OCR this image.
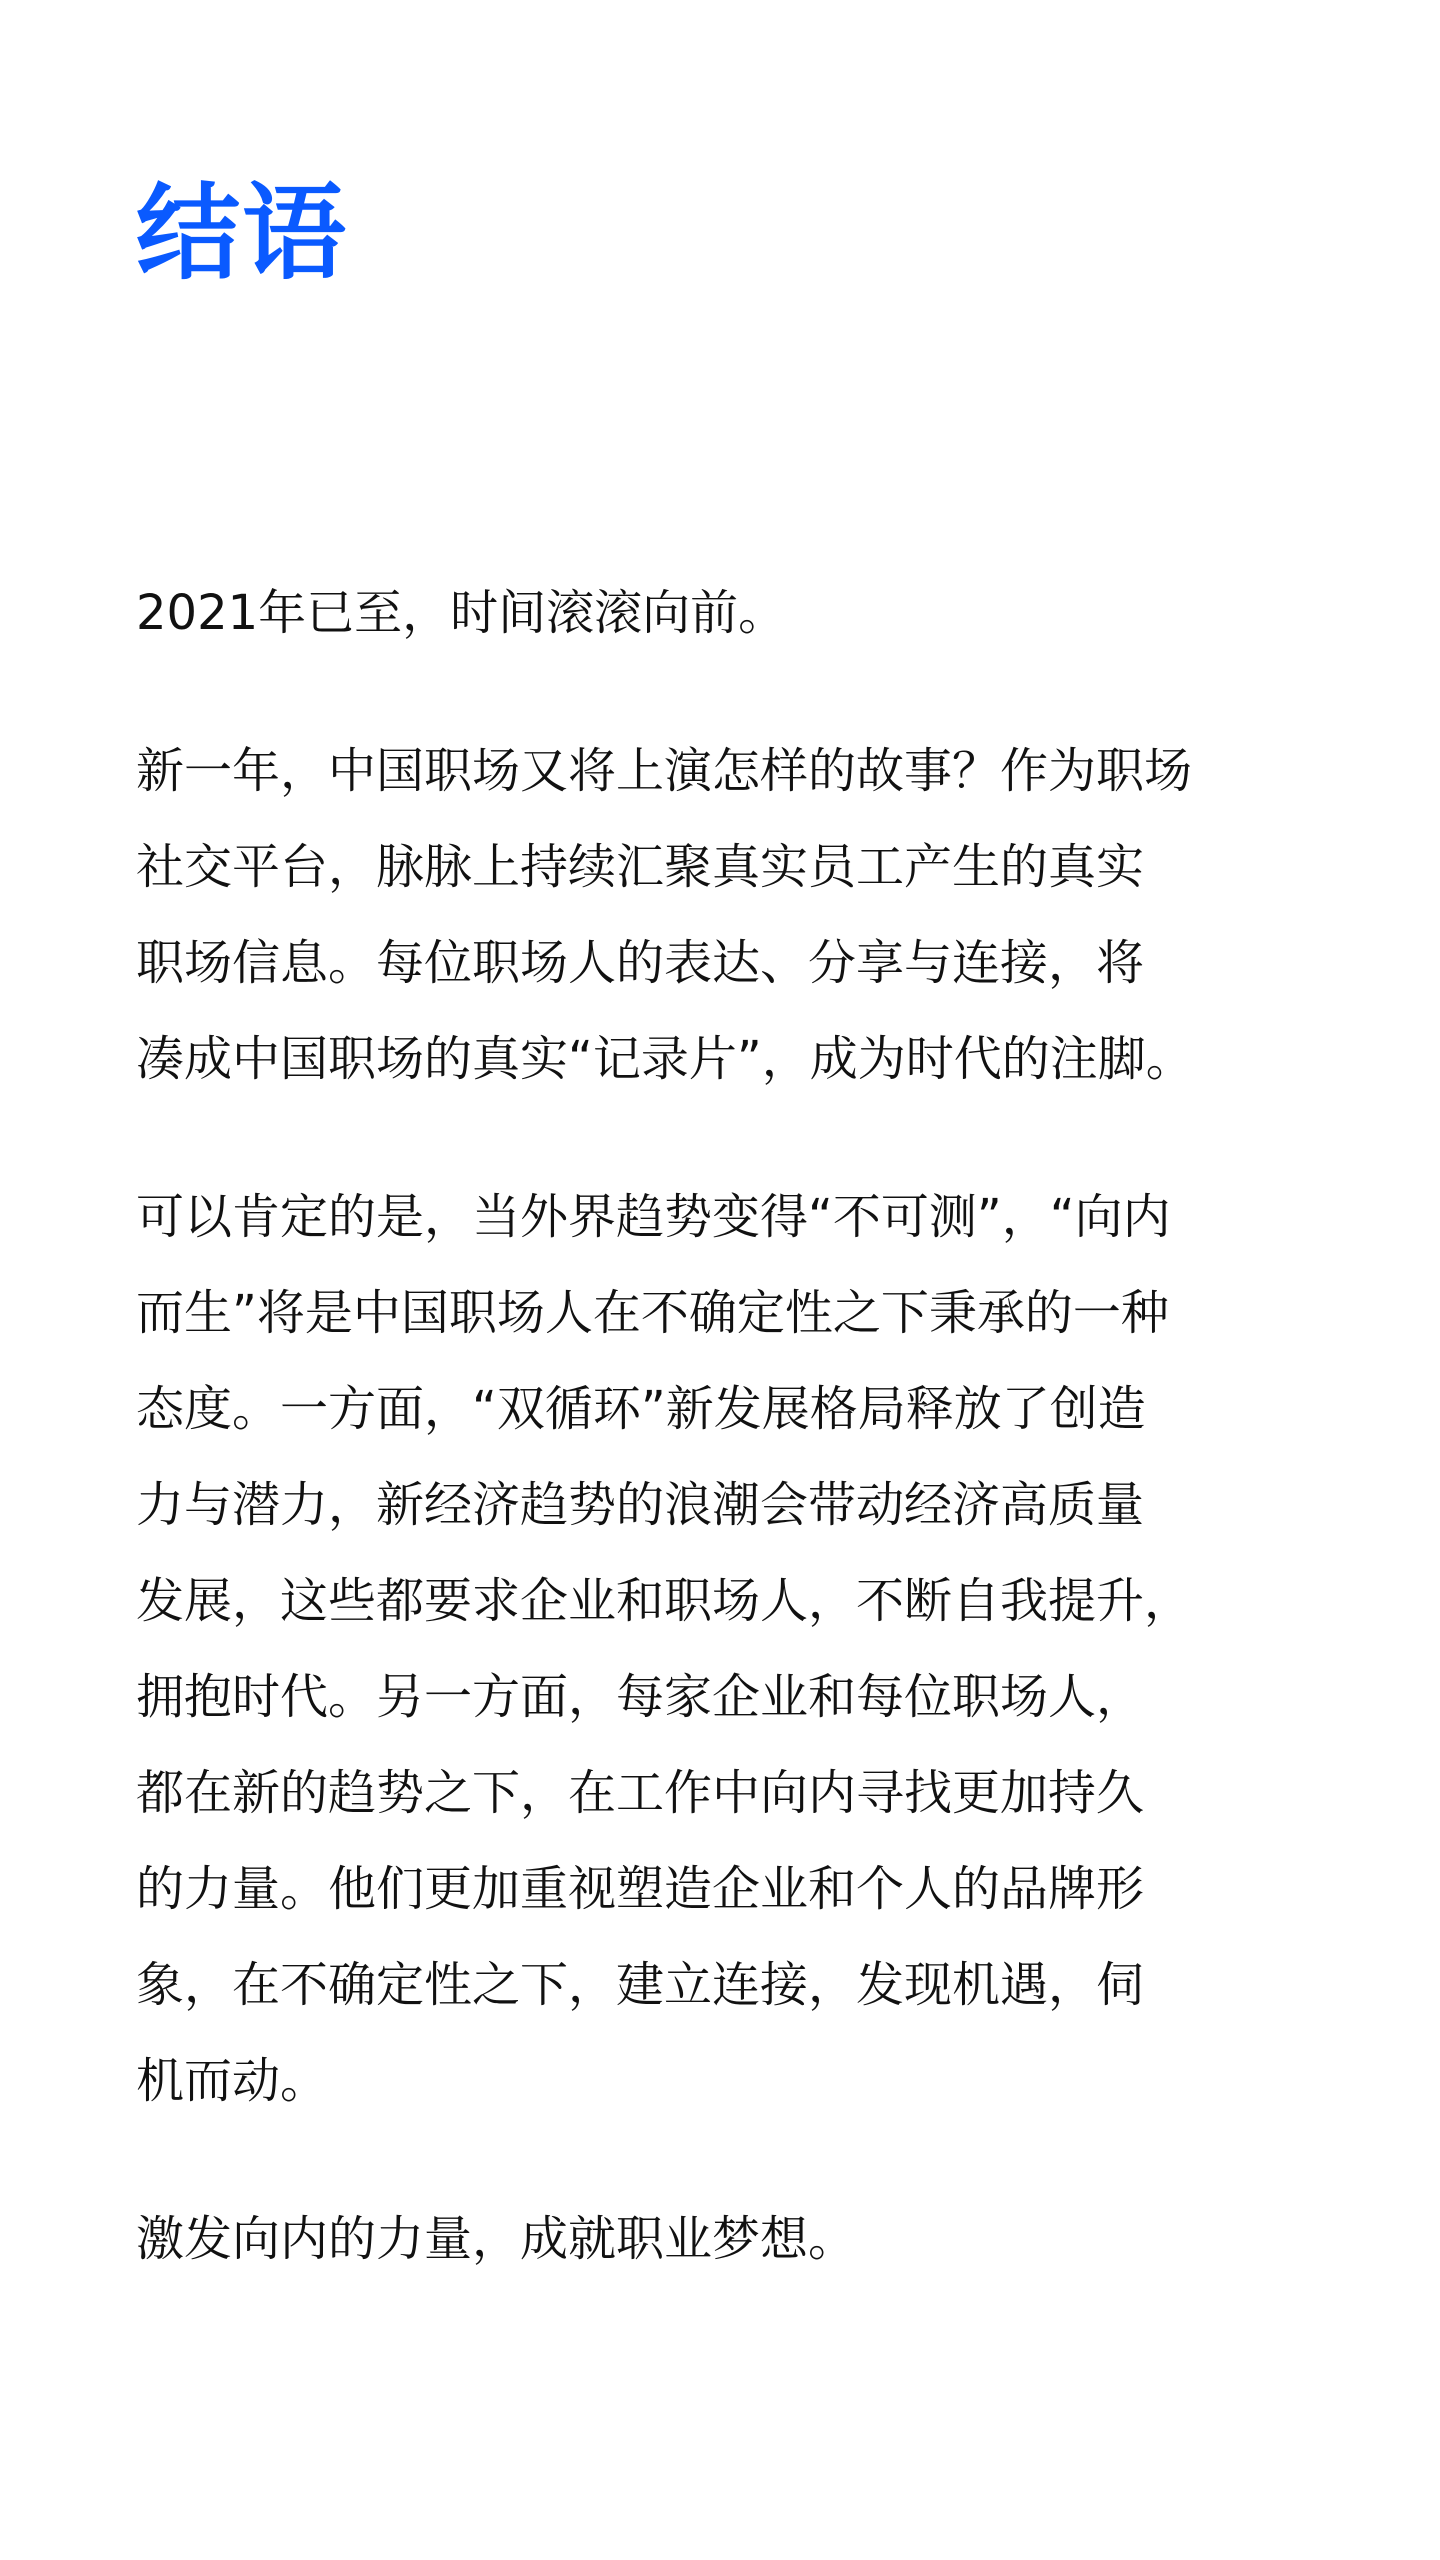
结语
2021年已至，时间滚滚向前。
新一年，中国职场又将上演怎样的故事？作为职场
社交平台，脉脉上持续汇聚真实员工产生的真实
职场信息。每位职场人的表达、分享与连接，将
凑成中国职场的真实“记录片”，成为时代的注脚。
可以肯定的是，当外界趋势变得“不可测”，“向内
而生”将是中国职场人在不确定性之下秉承的一种
态度。一方面，“双循环”新发展格局释放了创造
力与潜力，新经济趋势的浪潮会带动经济高质量
发展，这些都要求企业和职场人，不断自我提升，
拥抱时代。另一方面，每家企业和每位职场人，
都在新的趋势之下，在工作中向内寻找更加持久
的力量。他们更加重视塑造企业和个人的品牌形
象，在不确定性之下，建立连接，发现机遇，伺
机而动。
激发向内的力量，成就职业梦想。
